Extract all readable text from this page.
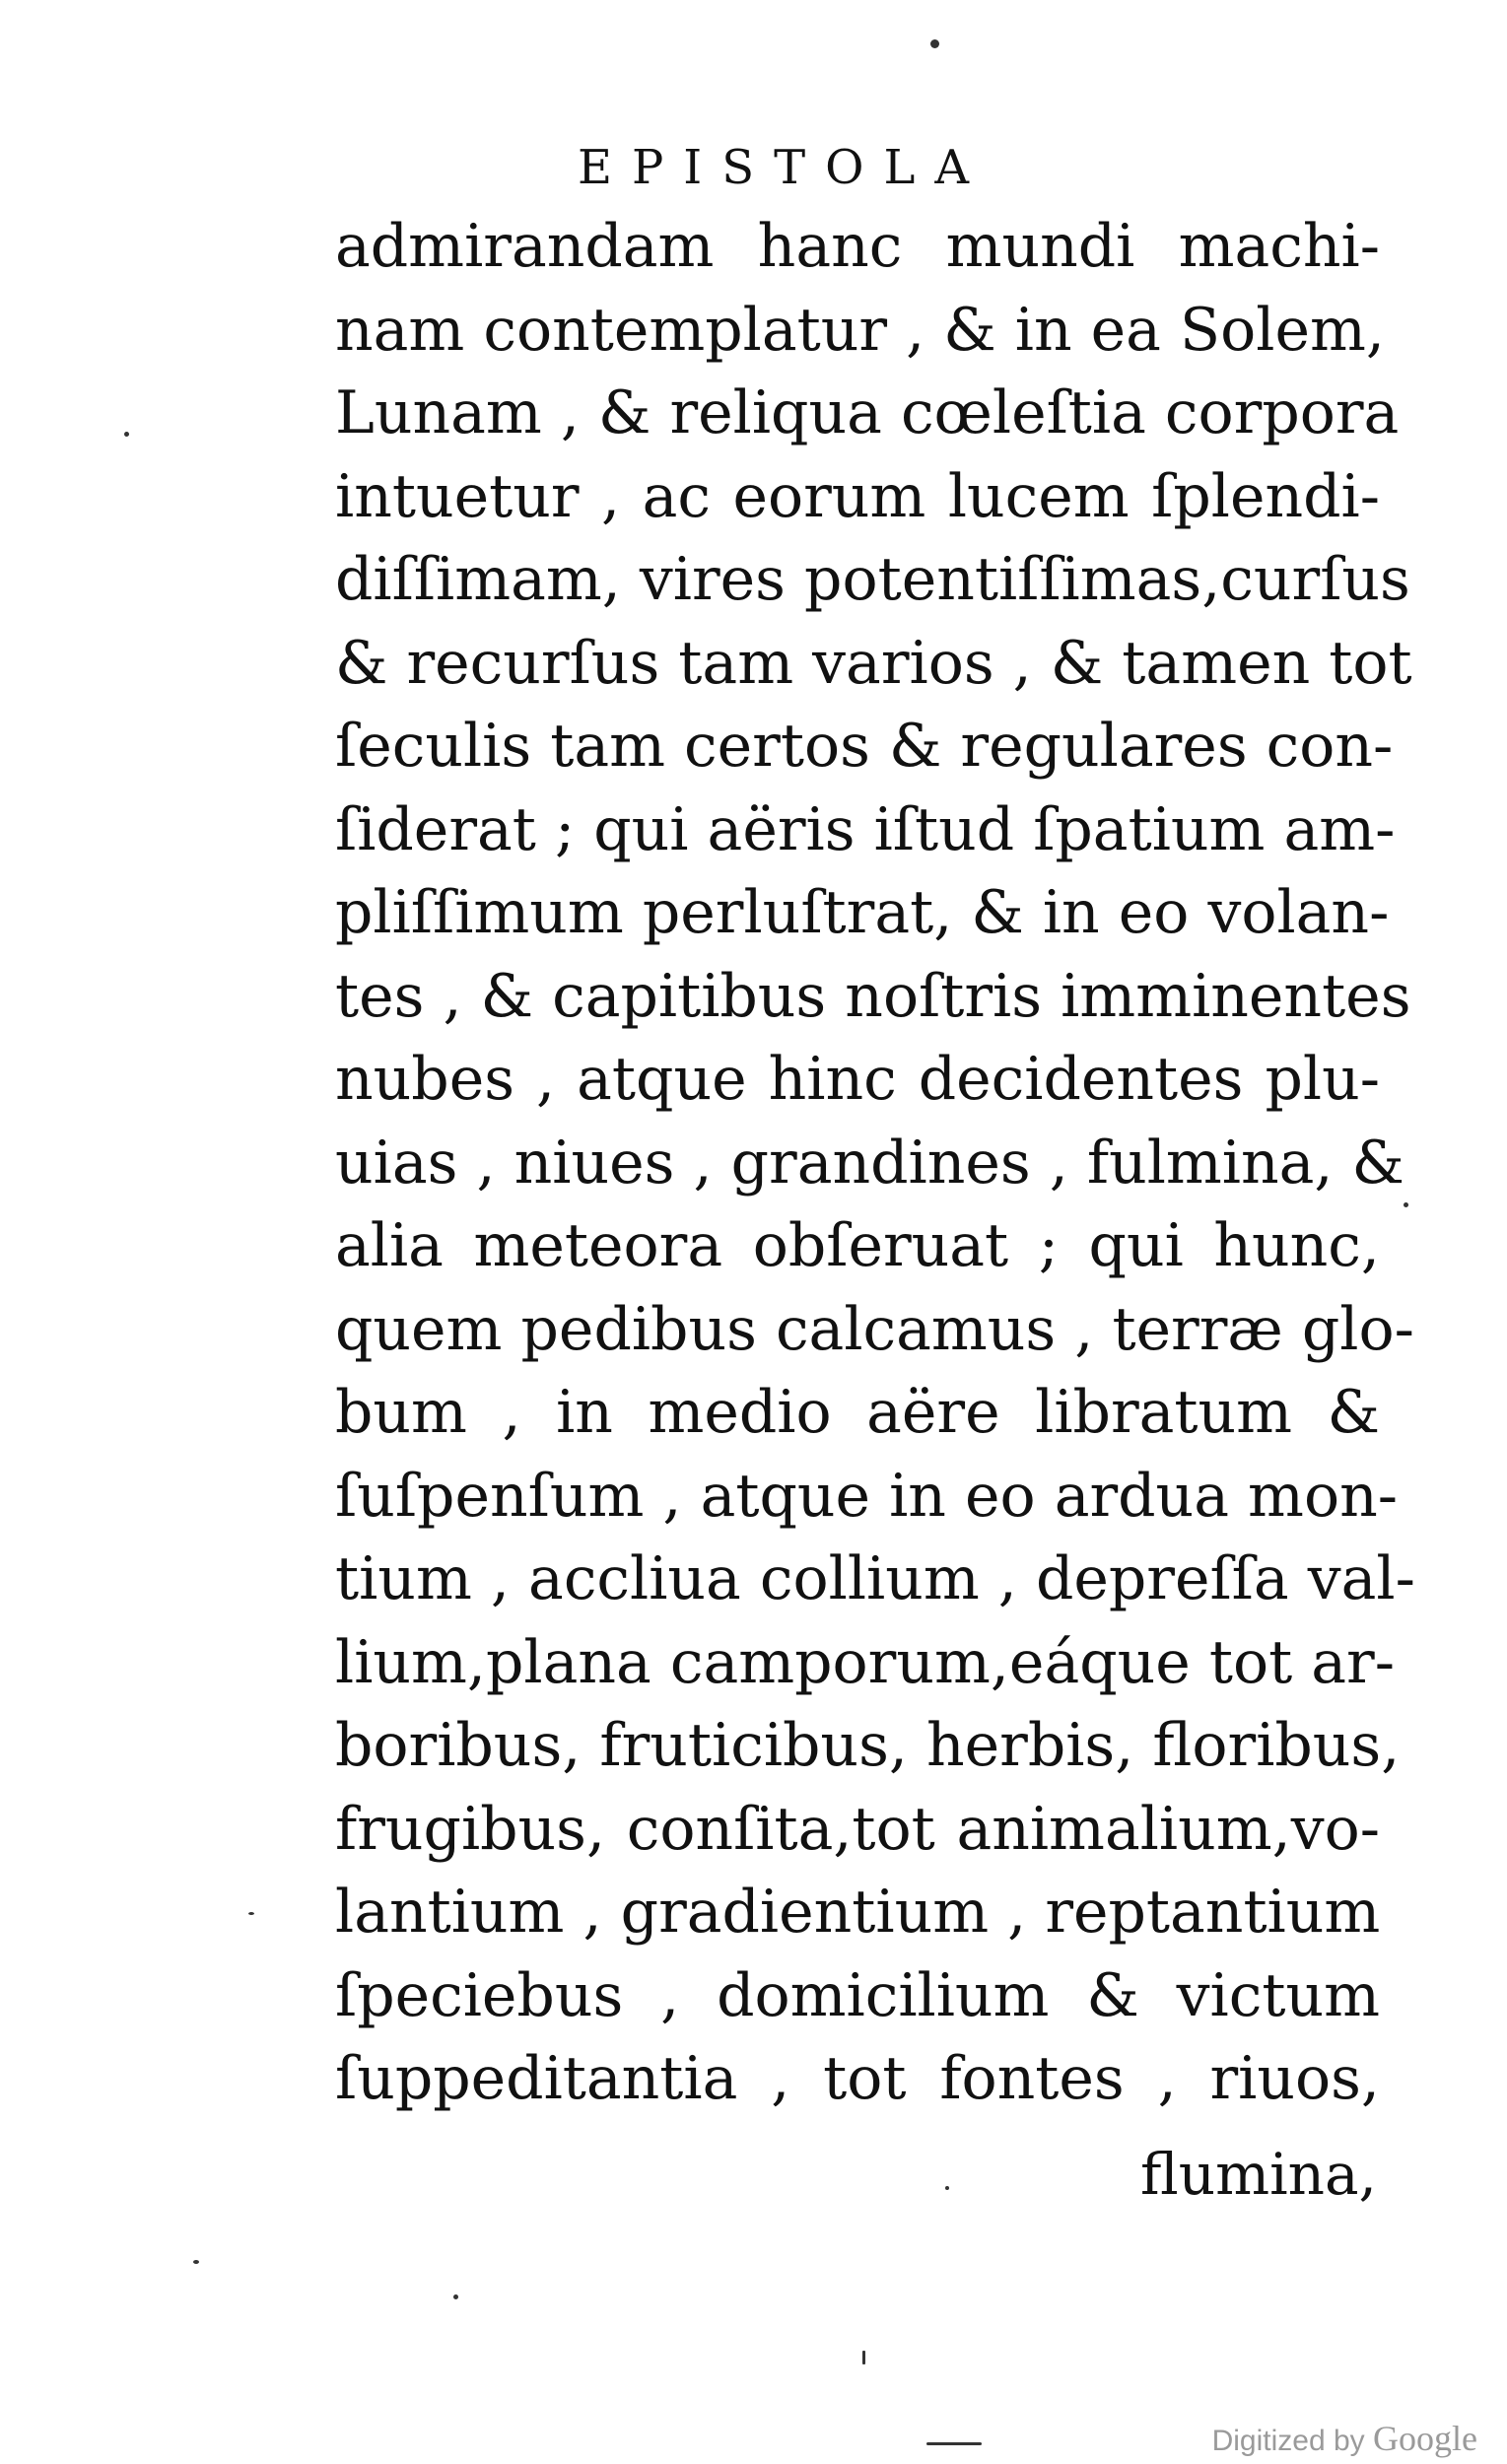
EPISTOLA
admirandam hanc mundi machi-
nam contemplatur , & in ea Solem,
Lunam , & reliqua cœleſtia corpora
intuetur , ac eorum lucem ſplendi-
diſſimam, vires potentiſſimas,curſus
& recurſus tam varios , & tamen tot
ſeculis tam certos & regulares con-
ſiderat ; qui aëris iſtud ſpatium am-
pliſſimum perluſtrat, & in eo volan-
tes , & capitibus noſtris imminentes
nubes , atque hinc decidentes plu-
uias , niues , grandines , fulmina, &
alia meteora obſeruat ; qui hunc,
quem pedibus calcamus , terræ glo-
bum , in medio aëre libratum &
ſuſpenſum , atque in eo ardua mon-
tium , accliua collium , depreſſa val-
lium,plana camporum,eáque tot ar-
boribus, fruticibus, herbis, floribus,
frugibus, conſita,tot animalium,vo-
lantium , gradientium , reptantium
ſpeciebus , domicilium & victum
ſuppeditantia , tot fontes , riuos,
flumina,
Digitized by Google
